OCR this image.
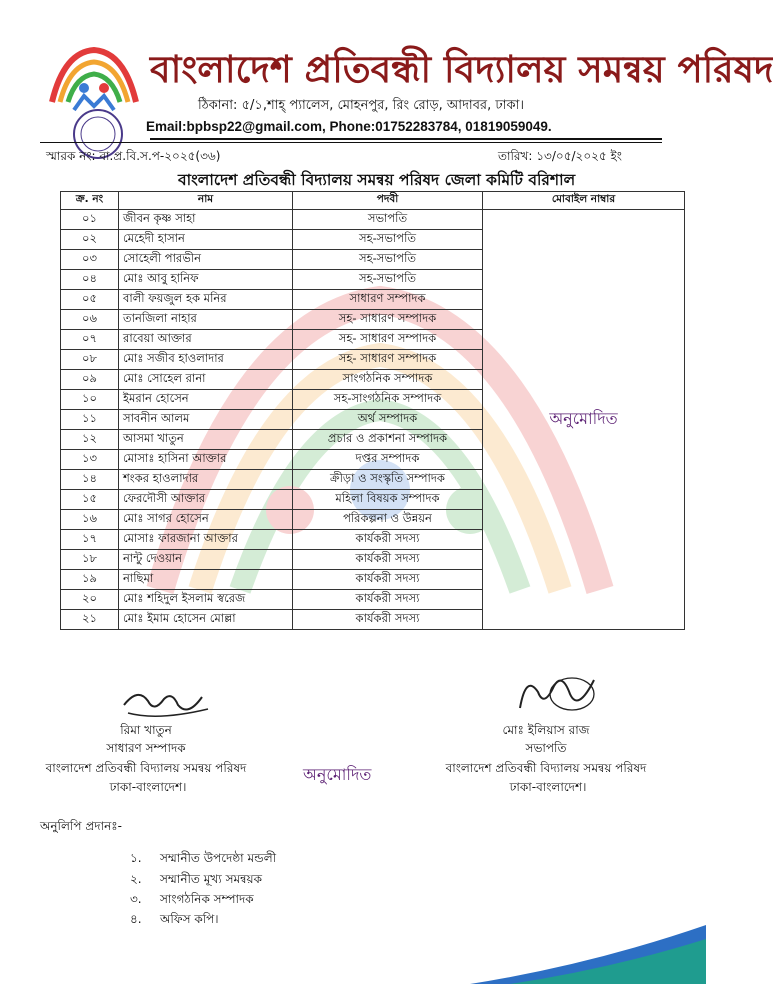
বাংলাদেশ প্রতিবন্ধী বিদ্যালয় সমন্বয় পরিষদ
ঠিকানা: ৫/১,শাহ্ প্যালেস, মোহনপুর, রিং রোড়, আদাবর, ঢাকা।
Email:bpbsp22@gmail.com, Phone:01752283784, 01819059049.
স্মারক নং: বা.প্র.বি.স.প-২০২৫(৩৬)	তারিখ: ১৩/০৫/২০২৫ ইং
বাংলাদেশ প্রতিবন্ধী বিদ্যালয় সমন্বয় পরিষদ জেলা কমিটি বরিশাল
ক্র. নং	নাম	পদবী	মোবাইল নাম্বার
০১	জীবন কৃষ্ণ সাহা	সভাপতি	অনুমোদিত
০২	মেহেদী হাসান	সহ-সভাপতি	
০৩	সোহেলী পারভীন	সহ-সভাপতি	
০৪	মোঃ আবু হানিফ	সহ-সভাপতি	
০৫	বালী ফয়জুল হক মনির	সাধারণ সম্পাদক	
০৬	তানজিলা নাহার	সহ- সাধারণ সম্পাদক	
০৭	রাবেয়া আক্তার	সহ- সাধারণ সম্পাদক	
০৮	মোঃ সজীব হাওলাদার	সহ- সাধারণ সম্পাদক	
০৯	মোঃ সোহেল রানা	সাংগঠনিক সম্পাদক	
১০	ইমরান হোসেন	সহ-সাংগঠনিক সম্পাদক	
১১	সাবনীন আলম	অর্থ সম্পাদক	
১২	আসমা খাতুন	প্রচার ও প্রকাশনা সম্পাদক	
১৩	মোসাঃ হাসিনা আক্তার	দপ্তর সম্পাদক	
১৪	শংকর হাওলাদার	ক্রীড়া ও সংস্কৃতি সম্পাদক	
১৫	ফেরদৌসী আক্তার	মহিলা বিষয়ক সম্পাদক	
১৬	মোঃ সাগর হোসেন	পরিকল্পনা ও উন্নয়ন	
১৭	মোসাঃ ফারজানা আক্তার	কার্যকরী সদস্য	
১৮	নান্টু দেওয়ান	কার্যকরী সদস্য	
১৯	নাছিমা	কার্যকরী সদস্য	
২০	মোঃ শহিদুল ইসলাম স্বরেজ	কার্যকরী সদস্য	
২১	মোঃ ইমাম হোসেন মোল্লা	কার্যকরী সদস্য	
রিমা খাতুন
সাধারণ সম্পাদক
বাংলাদেশ প্রতিবন্ধী বিদ্যালয় সমন্বয় পরিষদ
ঢাকা-বাংলাদেশ।
অনুমোদিত
মোঃ ইলিয়াস রাজ
সভাপতি
বাংলাদেশ প্রতিবন্ধী বিদ্যালয় সমন্বয় পরিষদ
ঢাকা-বাংলাদেশ।
অনুলিপি প্রদানঃ-
১. সম্মানীত উপদেষ্ঠা মন্ডলী
২. সম্মানীত মূখ্য সমন্বয়ক
৩. সাংগঠনিক সম্পাদক
৪. অফিস কপি।
